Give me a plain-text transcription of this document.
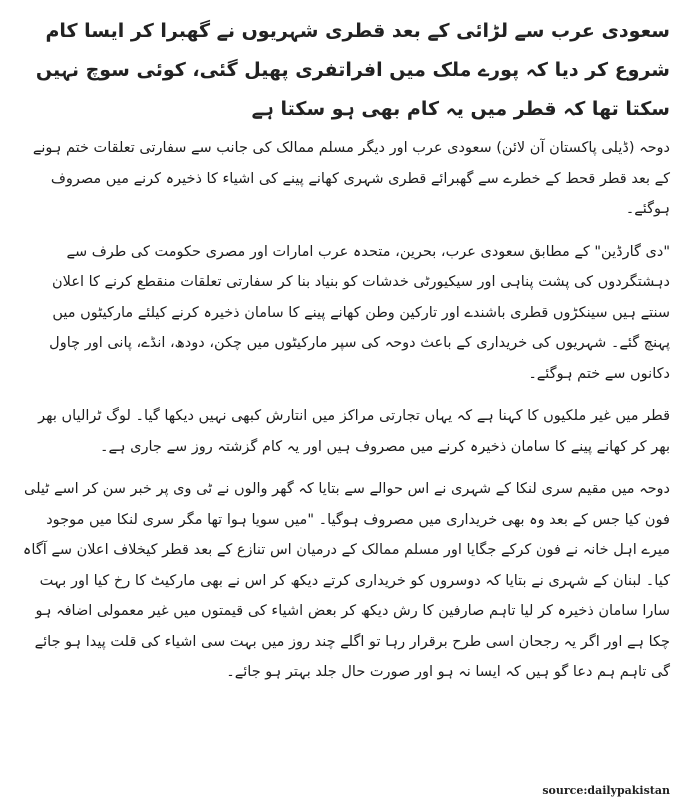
سعودی عرب سے لڑائی کے بعد قطری شہریوں نے گھبرا کر ایسا کام شروع کر دیا کہ پورے ملک میں افراتفری پھیل گئی، کوئی سوچ نہیں سکتا تھا کہ قطر میں یہ کام بھی ہو سکتا ہے

دوحہ (ڈیلی پاکستان آن لائن) سعودی عرب اور دیگر مسلم ممالک کی جانب سے سفارتی تعلقات ختم ہونے کے بعد قطر قحط کے خطرے سے گھبرائے قطری شہری کھانے پینے کی اشیاء کا ذخیرہ کرنے میں مصروف ہوگئے۔

"دی گارڈین" کے مطابق سعودی عرب، بحرین، متحدہ عرب امارات اور مصری حکومت کی طرف سے دہشتگردوں کی پشت پناہی اور سیکیورٹی خدشات کو بنیاد بنا کر سفارتی تعلقات منقطع کرنے کا اعلان سنتے ہیں سینکڑوں قطری باشندے اور تارکین وطن کھانے پینے کا سامان ذخیرہ کرنے کیلئے مارکیٹوں میں پہنچ گئے۔ شہریوں کی خریداری کے باعث دوحہ کی سپر مارکیٹوں میں چکن، دودھ، انڈے، پانی اور چاول دکانوں سے ختم ہوگئے۔

قطر میں غیر ملکیوں کا کہنا ہے کہ یہاں تجارتی مراکز میں انتارش کبھی نہیں دیکھا گیا۔ لوگ ٹرالیاں بھر بھر کر کھانے پینے کا سامان ذخیرہ کرنے میں مصروف ہیں اور یہ کام گزشتہ روز سے جاری ہے۔

دوحہ میں مقیم سری لنکا کے شہری نے اس حوالے سے بتایا کہ گھر والوں نے ٹی وی پر خبر سن کر اسے ٹیلی فون کیا جس کے بعد وہ بھی خریداری میں مصروف ہوگیا۔ "میں سویا ہوا تھا مگر سری لنکا میں موجود میرے اہل خانہ نے فون کرکے جگایا اور مسلم ممالک کے درمیان اس تنازع کے بعد قطر کیخلاف اعلان سے آگاہ کیا۔ لبنان کے شہری نے بتایا کہ دوسروں کو خریداری کرتے دیکھ کر اس نے بھی مارکیٹ کا رخ کیا اور بہت سارا سامان ذخیرہ کر لیا تاہم صارفین کا رش دیکھ کر بعض اشیاء کی قیمتوں میں غیر معمولی اضافہ ہو چکا ہے اور اگر یہ رجحان اسی طرح برقرار رہا تو اگلے چند روز میں بہت سی اشیاء کی قلت پیدا ہو جائے گی تاہم ہم دعا گو ہیں کہ ایسا نہ ہو اور صورت حال جلد بہتر ہو جائے۔

source:dailypakistan
